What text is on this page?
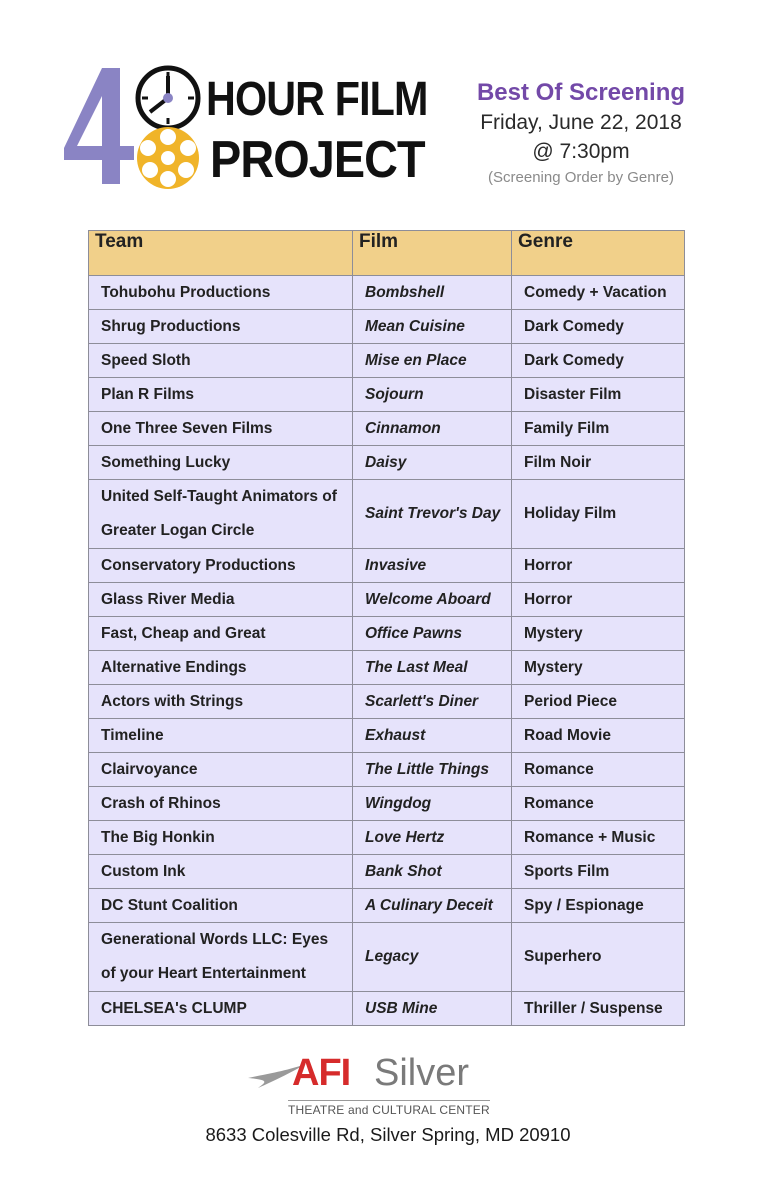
HOUR FILM
PROJECT
Best Of Screening
Friday, June 22, 2018
@ 7:30pm
(Screening Order by Genre)
Team	Film	Genre
Tohubohu Productions	Bombshell	Comedy + Vacation
Shrug Productions	Mean Cuisine	Dark Comedy
Speed Sloth	Mise en Place	Dark Comedy
Plan R Films	Sojourn	Disaster Film
One Three Seven Films	Cinnamon	Family Film
Something Lucky	Daisy	Film Noir
United Self-Taught Animators of Greater Logan Circle	Saint Trevor's Day	Holiday Film
Conservatory Productions	Invasive	Horror
Glass River Media	Welcome Aboard	Horror
Fast, Cheap and Great	Office Pawns	Mystery
Alternative Endings	The Last Meal	Mystery
Actors with Strings	Scarlett's Diner	Period Piece
Timeline	Exhaust	Road Movie
Clairvoyance	The Little Things	Romance
Crash of Rhinos	Wingdog	Romance
The Big Honkin	Love Hertz	Romance + Music
Custom Ink	Bank Shot	Sports Film
DC Stunt Coalition	A Culinary Deceit	Spy / Espionage
Generational Words LLC: Eyes of your Heart Entertainment	Legacy	Superhero
CHELSEA's CLUMP	USB Mine	Thriller / Suspense
AFI Silver
THEATRE and CULTURAL CENTER
8633 Colesville Rd, Silver Spring, MD 20910
